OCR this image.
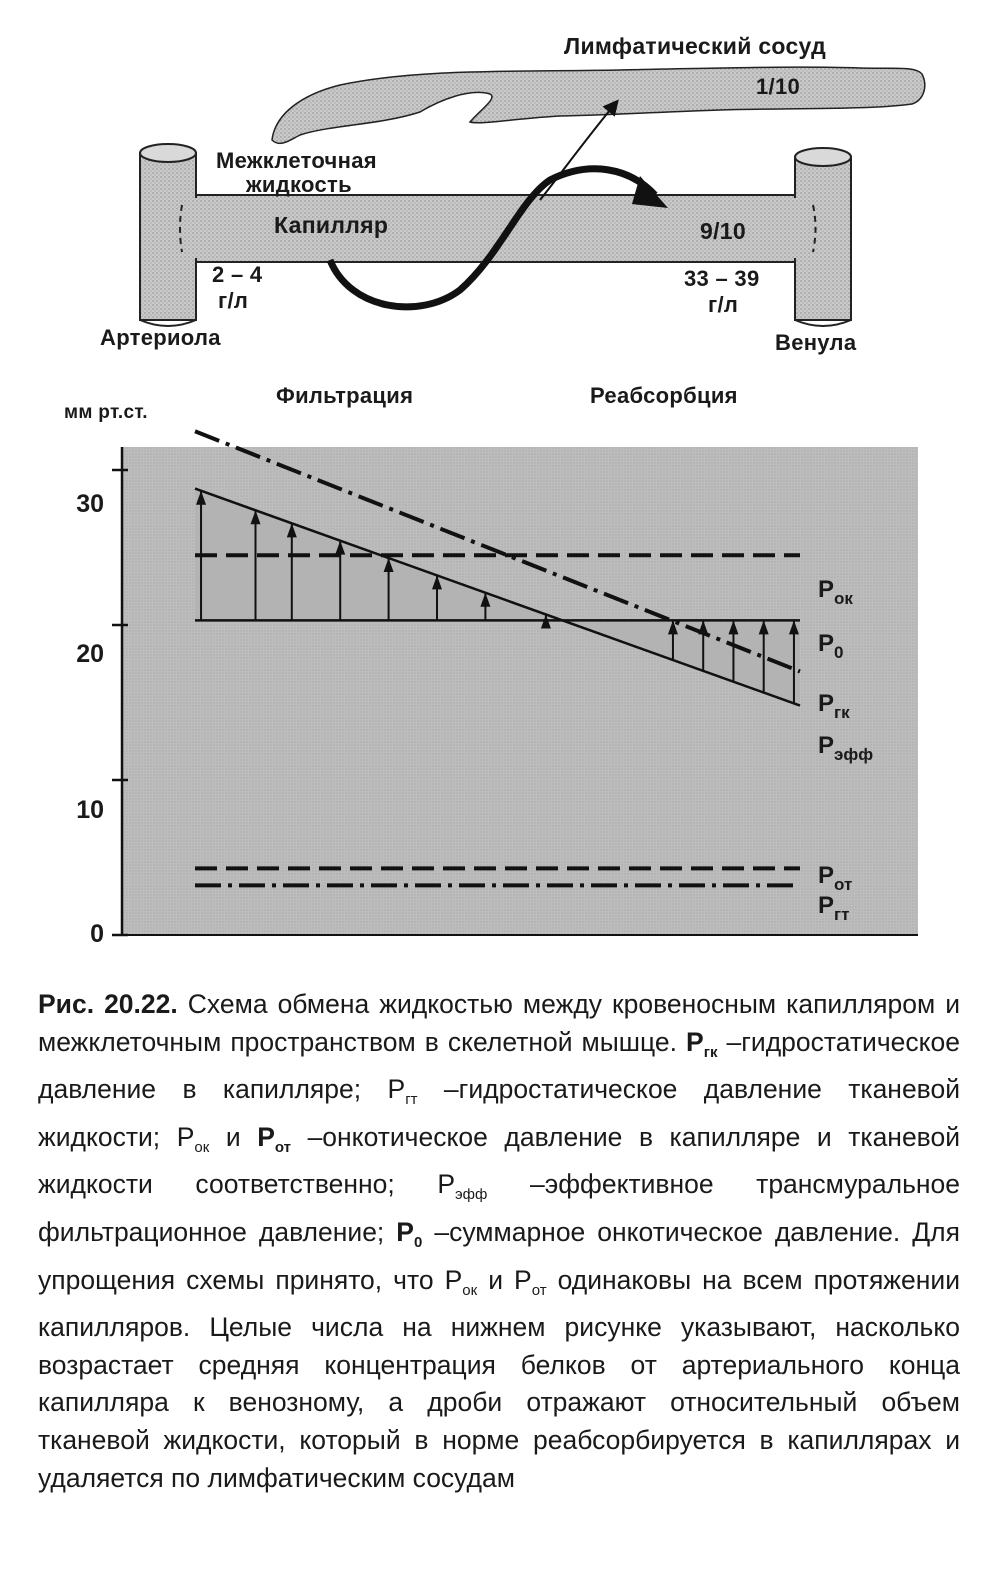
Лимфатический сосуд
1/10
Межклеточная
жидкость
Капилляр	9/10
2 – 4
г/л
33 – 39
г/л
Артериола	Венула
мм рт.ст.
Фильтрация	Реабсорбция
30
20
10
0
$P_{ок}$
$P_0$
$P_{гк}$
$P_{эфф}$
$P_{от}$
$P_{гт}$
Рис. 20.22. Схема обмена жидкостью между кровеносным капилляром и межклеточным пространством в скелетной мышце. $P_{гк}$ –гидростатическое давление в капилляре; $P_{гт}$ –гидростатическое давление тканевой жидкости; $P_{ок}$ и $P_{от}$ –онкотическое давление в капилляре и тканевой жидкости соответственно; $P_{эфф}$ –эффективное трансмуральное фильтрационное давление; $P_0$ –суммарное онкотическое давление. Для упрощения схемы принято, что $P_{ок}$ и $P_{от}$ одинаковы на всем протяжении капилляров. Целые числа на нижнем рисунке указывают, насколько возрастает средняя концентрация белков от артериального конца капилляра к венозному, а дроби отражают относительный объем тканевой жидкости, который в норме реабсорбируется в капиллярах и удаляется по лимфатическим сосудам
